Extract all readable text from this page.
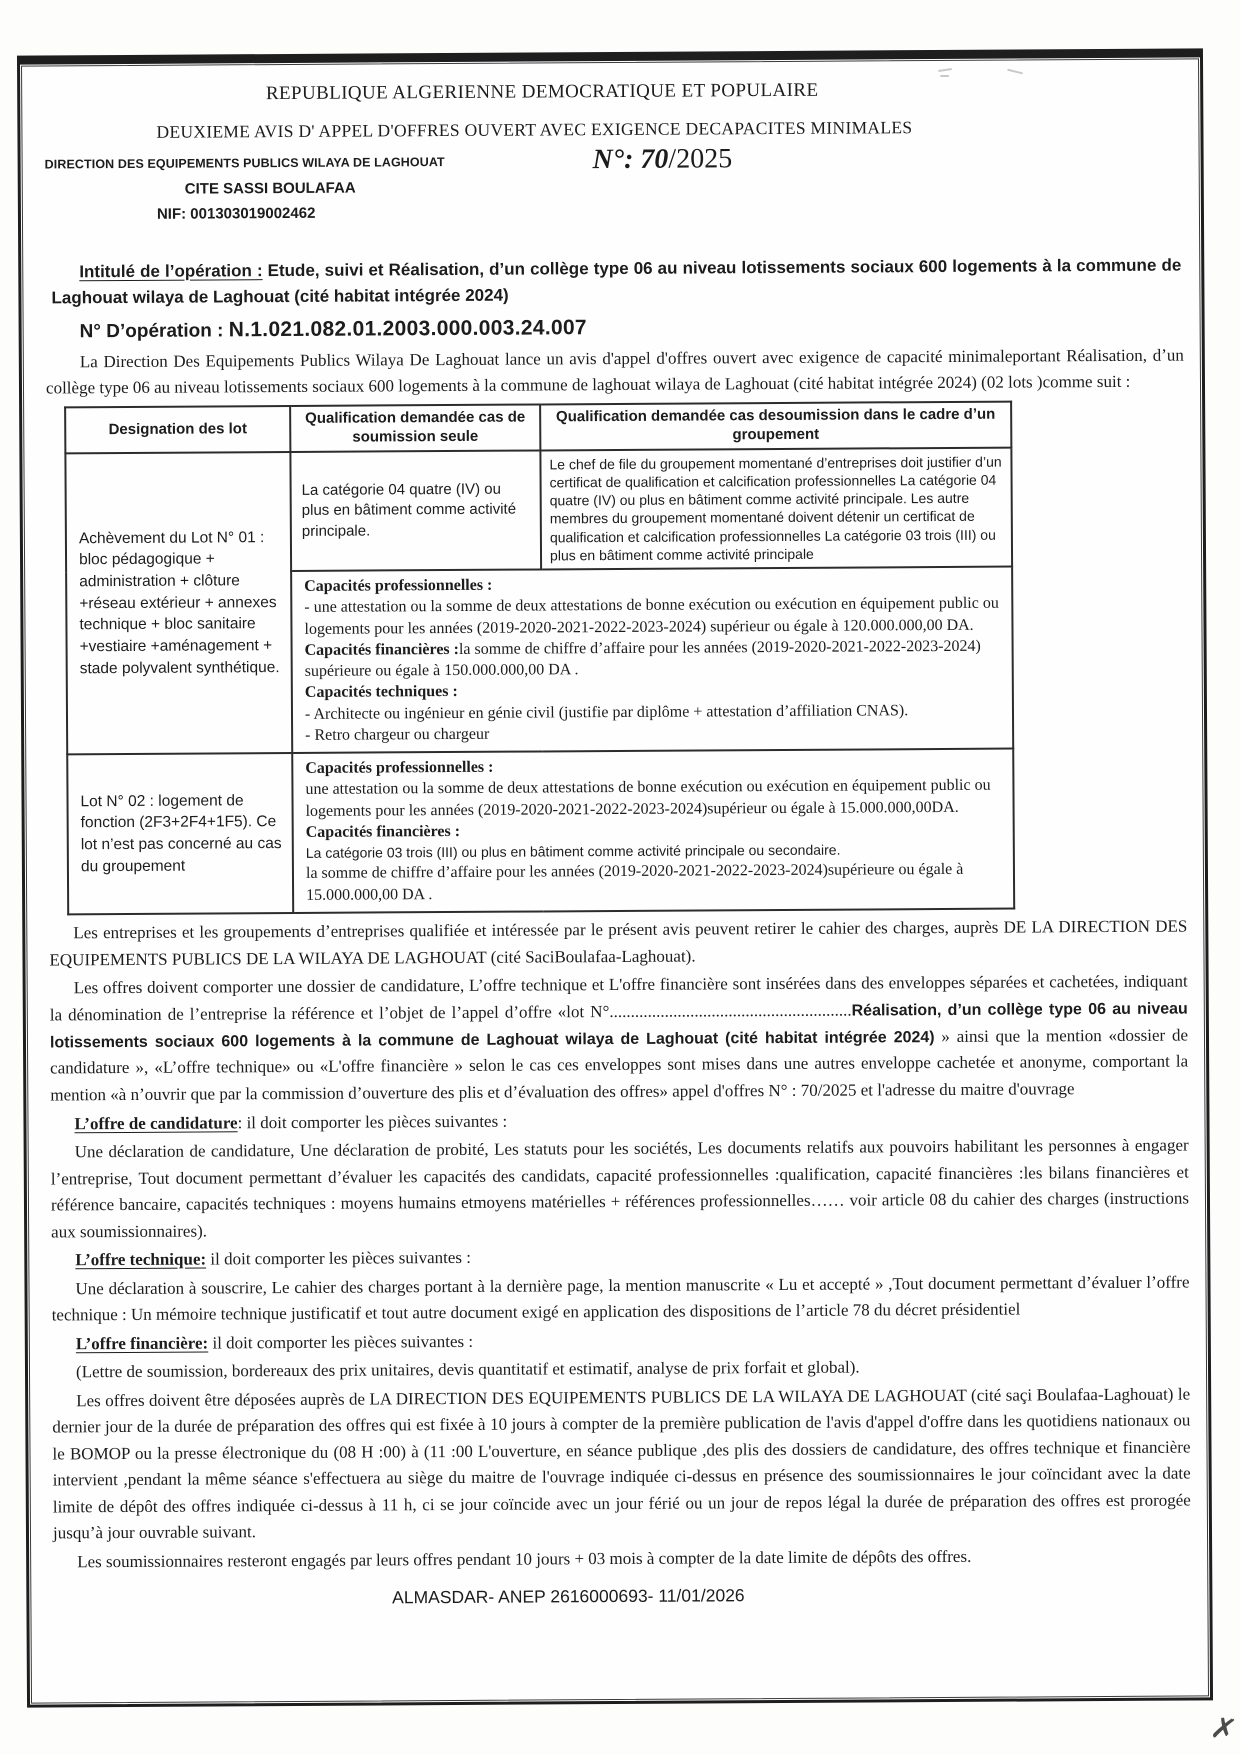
REPUBLIQUE ALGERIENNE DEMOCRATIQUE ET POPULAIRE
DEUXIEME AVIS D' APPEL D'OFFRES OUVERT AVEC EXIGENCE DECAPACITES MINIMALES
DIRECTION DES EQUIPEMENTS PUBLICS WILAYA DE LAGHOUAT
CITE SASSI BOULAFAA
NIF: 001303019002462
N°: 70/2025

Intitulé de l’opération : Etude, suivi et Réalisation, d’un collège type 06 au niveau lotissements sociaux 600 logements à la commune de Laghouat wilaya de Laghouat (cité habitat intégrée 2024)

N° D’opération : N.1.021.082.01.2003.000.003.24.007

La Direction Des Equipements Publics Wilaya De Laghouat lance un avis d'appel d'offres ouvert avec exigence de capacité minimaleportant Réalisation, d’un collège type 06 au niveau lotissements sociaux 600 logements à la commune de laghouat wilaya de Laghouat (cité habitat intégrée 2024) (02 lots )comme suit :

Designation des lot	Qualification demandée cas de soumission seule	Qualification demandée cas desoumission dans le cadre d’un groupement
Achèvement du Lot N° 01 : bloc pédagogique + administration + clôture +réseau extérieur + annexes technique + bloc sanitaire +vestiaire +aménagement + stade polyvalent synthétique.	La catégorie 04 quatre (IV) ou plus en bâtiment comme activité principale.	Le chef de file du groupement momentané d’entreprises doit justifier d’un certificat de qualification et calcification professionnelles La catégorie 04 quatre (IV) ou plus en bâtiment comme activité principale. Les autre membres du groupement momentané doivent détenir un certificat de qualification et calcification professionnelles La catégorie 03 trois (III) ou plus en bâtiment comme activité principale

Capacités professionnelles :
- une attestation ou la somme de deux attestations de bonne exécution ou exécution en équipement public ou logements pour les années (2019-2020-2021-2022-2023-2024) supérieur ou égale à 120.000.000,00 DA.
Capacités financières :la somme de chiffre d’affaire pour les années (2019-2020-2021-2022-2023-2024) supérieure ou égale à 150.000.000,00 DA .
Capacités techniques :
- Architecte ou ingénieur en génie civil (justifie par diplôme + attestation d’affiliation CNAS).
- Retro chargeur ou chargeur

Lot N° 02 : logement de fonction (2F3+2F4+1F5). Ce lot n’est pas concerné au cas du groupement	Capacités professionnelles :
une attestation ou la somme de deux attestations de bonne exécution ou exécution en équipement public ou logements pour les années (2019-2020-2021-2022-2023-2024)supérieur ou égale à 15.000.000,00DA.
Capacités financières :
La catégorie 03 trois (III) ou plus en bâtiment comme activité principale ou secondaire.
la somme de chiffre d’affaire pour les années (2019-2020-2021-2022-2023-2024)supérieure ou égale à 15.000.000,00 DA .	

Les entreprises et les groupements d’entreprises qualifiée et intéressée par le présent avis peuvent retirer le cahier des charges, auprès DE LA DIRECTION DES EQUIPEMENTS PUBLICS DE LA WILAYA DE LAGHOUAT (cité SaciBoulafaa-Laghouat).

Les offres doivent comporter une dossier de candidature, L’offre technique et L'offre financière sont insérées dans des enveloppes séparées et cachetées, indiquant la dénomination de l’entreprise la référence et l’objet de l’appel d’offre «lot N°.........................................................Réalisation, d’un collège type 06 au niveau lotissements sociaux 600 logements à la commune de Laghouat wilaya de Laghouat (cité habitat intégrée 2024) » ainsi que la mention «dossier de candidature », «L’offre technique» ou «L'offre financière » selon le cas ces enveloppes sont mises dans une autres enveloppe cachetée et anonyme, comportant la mention «à n’ouvrir que par la commission d’ouverture des plis et d’évaluation des offres» appel d'offres N° : 70/2025 et l'adresse du maitre d'ouvrage

L’offre de candidature: il doit comporter les pièces suivantes :

Une déclaration de candidature, Une déclaration de probité, Les statuts pour les sociétés, Les documents relatifs aux pouvoirs habilitant les personnes à engager l’entreprise, Tout document permettant d’évaluer les capacités des candidats, capacité professionnelles :qualification, capacité financières :les bilans financières et référence bancaire, capacités techniques : moyens humains etmoyens matérielles + références professionnelles…… voir article 08 du cahier des charges (instructions aux soumissionnaires).

L’offre technique: il doit comporter les pièces suivantes :

Une déclaration à souscrire, Le cahier des charges portant à la dernière page, la mention manuscrite « Lu et accepté » ,Tout document permettant d’évaluer l’offre technique : Un mémoire technique justificatif et tout autre document exigé en application des dispositions de l’article 78 du décret présidentiel

L’offre financière: il doit comporter les pièces suivantes :

(Lettre de soumission, bordereaux des prix unitaires, devis quantitatif et estimatif, analyse de prix forfait et global).

Les offres doivent être déposées auprès de LA DIRECTION DES EQUIPEMENTS PUBLICS DE LA WILAYA DE LAGHOUAT (cité saçi Boulafaa-Laghouat) le dernier jour de la durée de préparation des offres qui est fixée à 10 jours à compter de la première publication de l'avis d'appel d'offre dans les quotidiens nationaux ou le BOMOP ou la presse électronique du (08 H :00) à (11 :00 L'ouverture, en séance publique ,des plis des dossiers de candidature, des offres technique et financière intervient ,pendant la même séance s'effectuera au siège du maitre de l'ouvrage indiquée ci-dessus en présence des soumissionnaires le jour coïncidant avec la date limite de dépôt des offres indiquée ci-dessus à 11 h, ci se jour coïncide avec un jour férié ou un jour de repos légal la durée de préparation des offres est prorogée jusqu’à jour ouvrable suivant.

Les soumissionnaires resteront engagés par leurs offres pendant 10 jours + 03 mois à compter de la date limite de dépôts des offres.

ALMASDAR- ANEP 2616000693- 11/01/2026

✗
